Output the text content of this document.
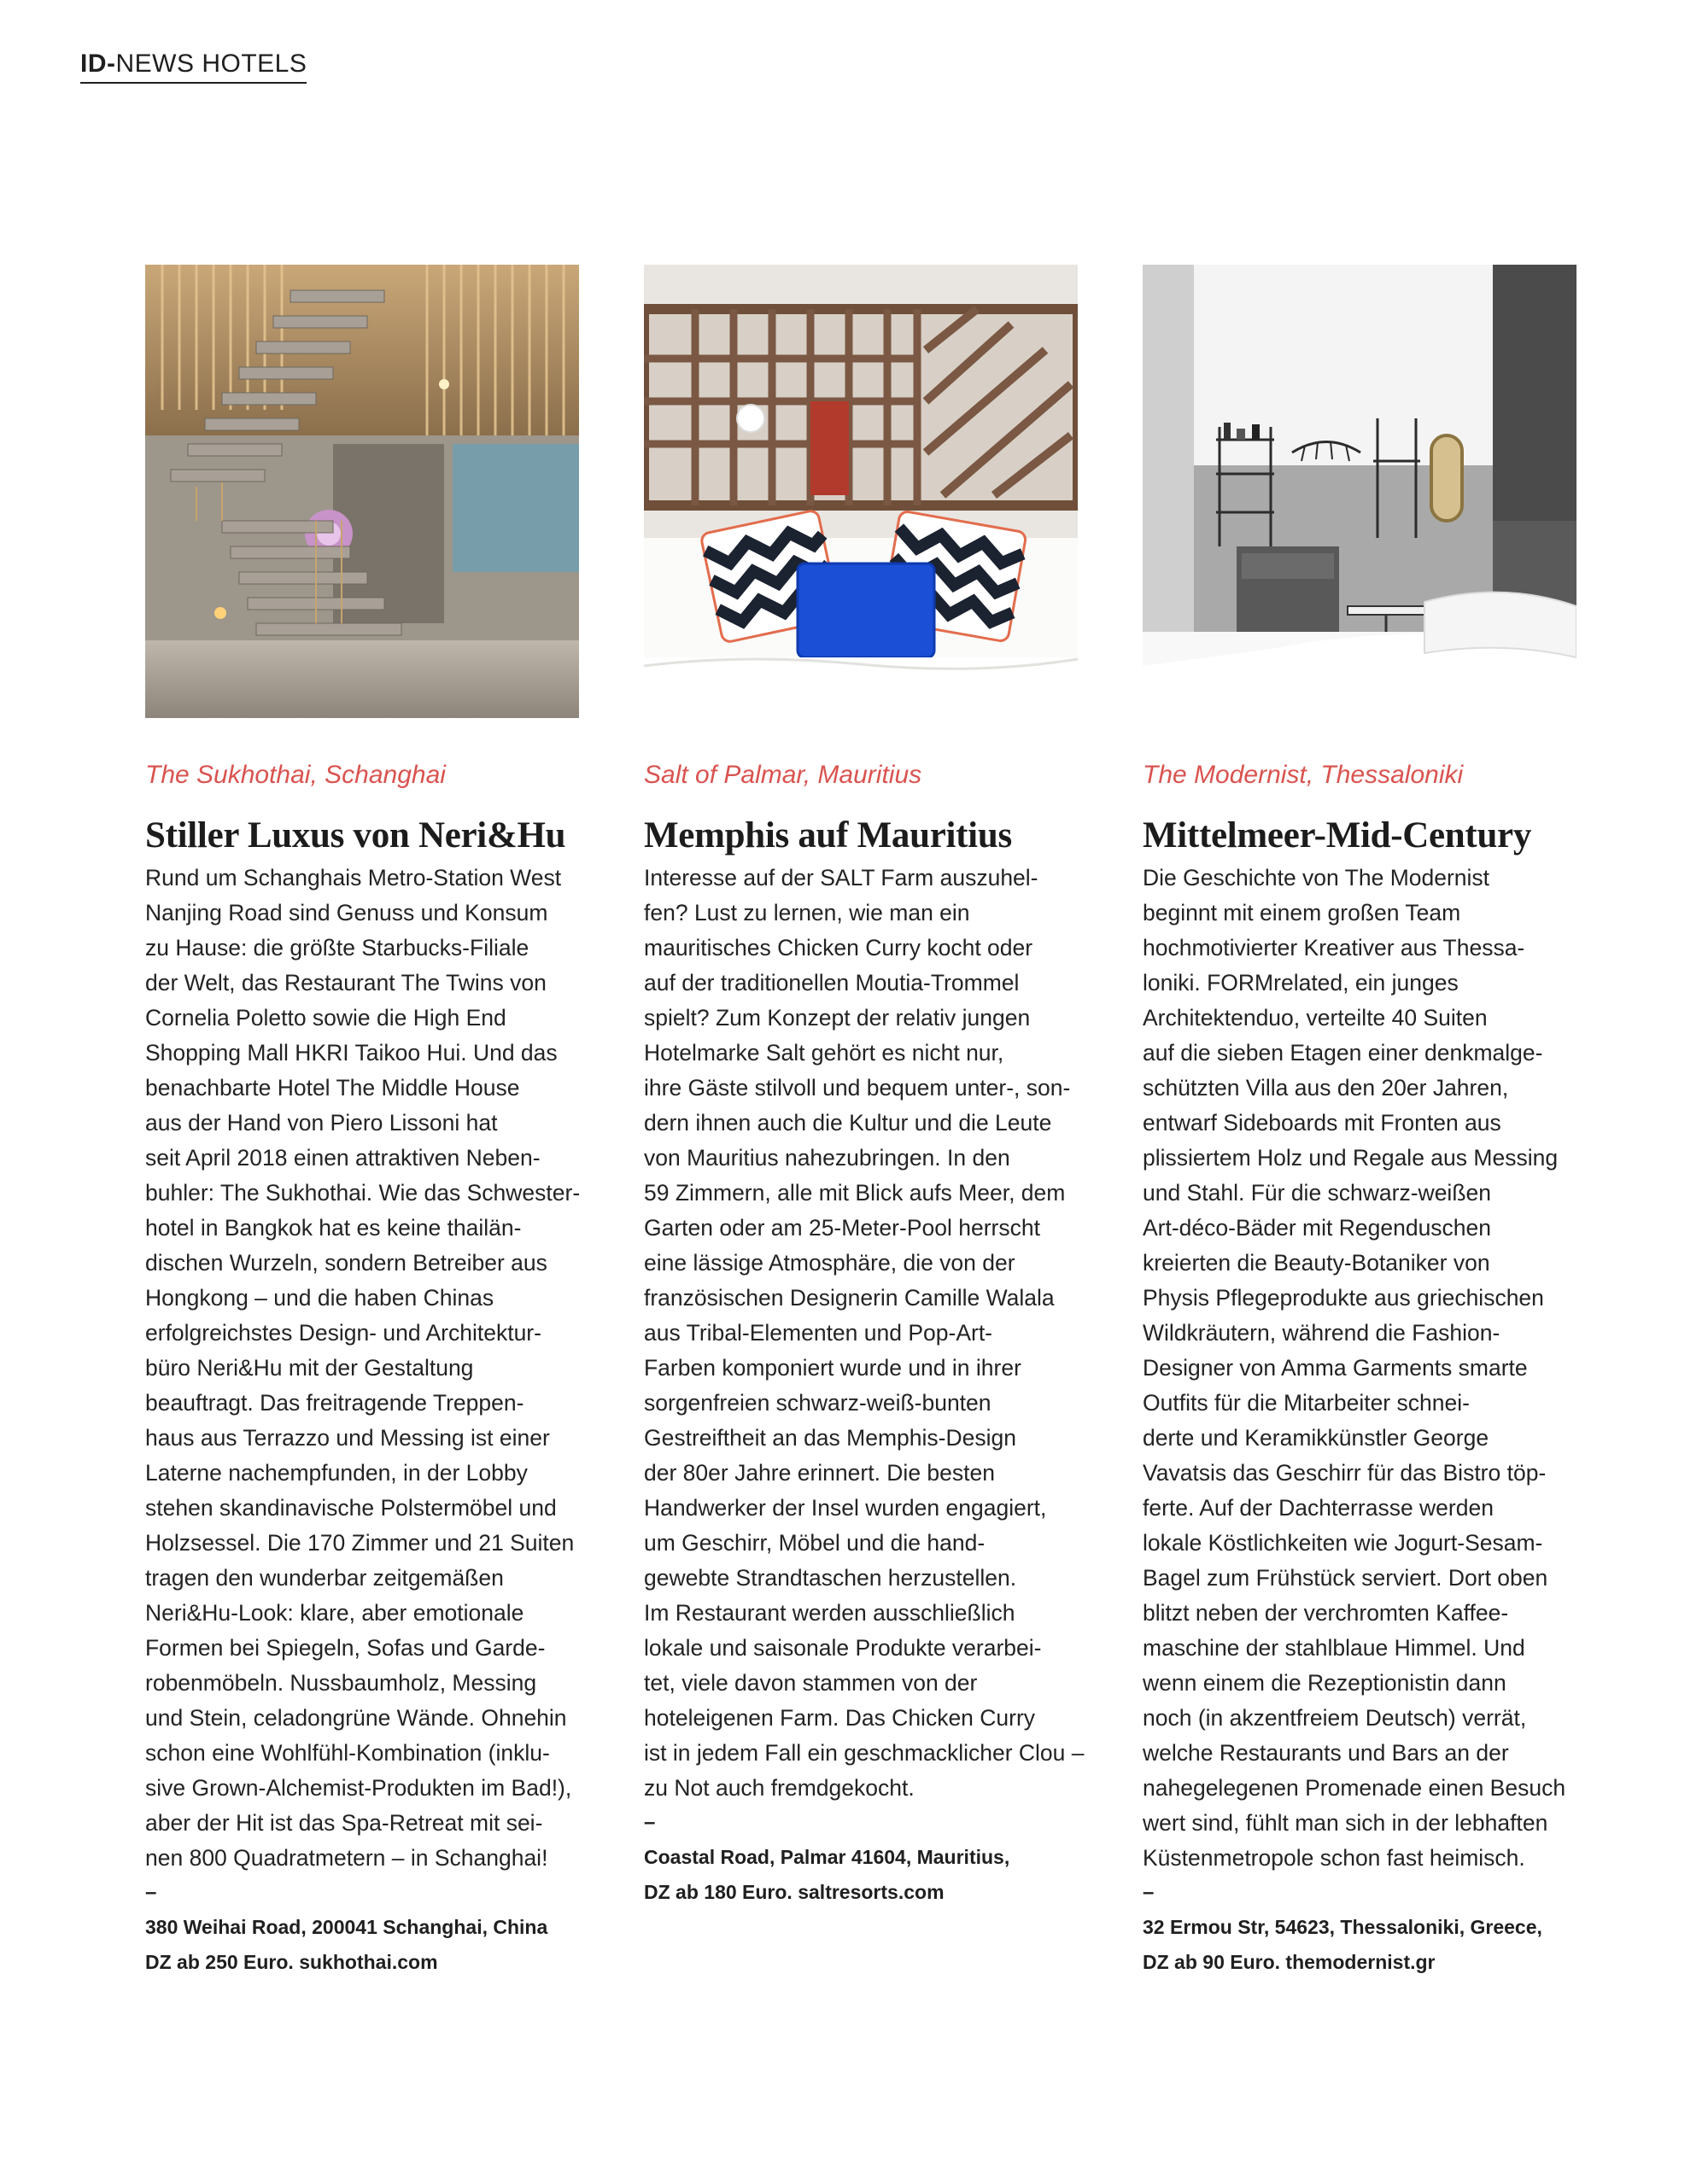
ID-NEWS HOTELS
The Sukhothai, Schanghai
Stiller Luxus von Neri&Hu
Rund um Schanghais Metro-Station West
Nanjing Road sind Genuss und Konsum
zu Hause: die größte Starbucks-Filiale
der Welt, das Restaurant The Twins von
Cornelia Poletto sowie die High End
Shopping Mall HKRI Taikoo Hui. Und das
benachbarte Hotel The Middle House
aus der Hand von Piero Lissoni hat
seit April 2018 einen attraktiven Neben-
buhler: The Sukhothai. Wie das Schwester-
hotel in Bangkok hat es keine thailän-
dischen Wurzeln, sondern Betreiber aus
Hongkong – und die haben Chinas
erfolgreichstes Design- und Architektur-
büro Neri&Hu mit der Gestaltung
beauftragt. Das freitragende Treppen-
haus aus Terrazzo und Messing ist einer
Laterne nachempfunden, in der Lobby
stehen skandinavische Polstermöbel und
Holzsessel. Die 170 Zimmer und 21 Suiten
tragen den wunderbar zeitgemäßen
Neri&Hu-Look: klare, aber emotionale
Formen bei Spiegeln, Sofas und Garde-
robenmöbeln. Nussbaumholz, Messing
und Stein, celadongrüne Wände. Ohnehin
schon eine Wohlfühl-Kombination (inklu-
sive Grown-Alchemist-Produkten im Bad!),
aber der Hit ist das Spa-Retreat mit sei-
nen 800 Quadratmetern – in Schanghai!
–
380 Weihai Road, 200041 Schanghai, China
DZ ab 250 Euro. sukhothai.com
Salt of Palmar, Mauritius
Memphis auf Mauritius
Interesse auf der SALT Farm auszuhel-
fen? Lust zu lernen, wie man ein
mauritisches Chicken Curry kocht oder
auf der traditionellen Moutia-Trommel
spielt? Zum Konzept der relativ jungen
Hotelmarke Salt gehört es nicht nur,
ihre Gäste stilvoll und bequem unter-, son-
dern ihnen auch die Kultur und die Leute
von Mauritius nahezubringen. In den
59 Zimmern, alle mit Blick aufs Meer, dem
Garten oder am 25-Meter-Pool herrscht
eine lässige Atmosphäre, die von der
französischen Designerin Camille Walala
aus Tribal-Elementen und Pop-Art-
Farben komponiert wurde und in ihrer
sorgenfreien schwarz-weiß-bunten
Gestreiftheit an das Memphis-Design
der 80er Jahre erinnert. Die besten
Handwerker der Insel wurden engagiert,
um Geschirr, Möbel und die hand-
gewebte Strandtaschen herzustellen.
Im Restaurant werden ausschließlich
lokale und saisonale Produkte verarbei-
tet, viele davon stammen von der
hoteleigenen Farm. Das Chicken Curry
ist in jedem Fall ein geschmacklicher Clou –
zu Not auch fremdgekocht.
–
Coastal Road, Palmar 41604, Mauritius,
DZ ab 180 Euro. saltresorts.com
The Modernist, Thessaloniki
Mittelmeer-Mid-Century
Die Geschichte von The Modernist
beginnt mit einem großen Team
hochmotivierter Kreativer aus Thessa-
loniki. FORMrelated, ein junges
Architektenduo, verteilte 40 Suiten
auf die sieben Etagen einer denkmalge-
schützten Villa aus den 20er Jahren,
entwarf Sideboards mit Fronten aus
plissiertem Holz und Regale aus Messing
und Stahl. Für die schwarz-weißen
Art-déco-Bäder mit Regenduschen
kreierten die Beauty-Botaniker von
Physis Pflegeprodukte aus griechischen
Wildkräutern, während die Fashion-
Designer von Amma Garments smarte
Outfits für die Mitarbeiter schnei-
derte und Keramikkünstler George
Vavatsis das Geschirr für das Bistro töp-
ferte. Auf der Dachterrasse werden
lokale Köstlichkeiten wie Jogurt-Sesam-
Bagel zum Frühstück serviert. Dort oben
blitzt neben der verchromten Kaffee-
maschine der stahlblaue Himmel. Und
wenn einem die Rezeptionistin dann
noch (in akzentfreiem Deutsch) verrät,
welche Restaurants und Bars an der
nahegelegenen Promenade einen Besuch
wert sind, fühlt man sich in der lebhaften
Küstenmetropole schon fast heimisch.
–
32 Ermou Str, 54623, Thessaloniki, Greece,
DZ ab 90 Euro. themodernist.gr
